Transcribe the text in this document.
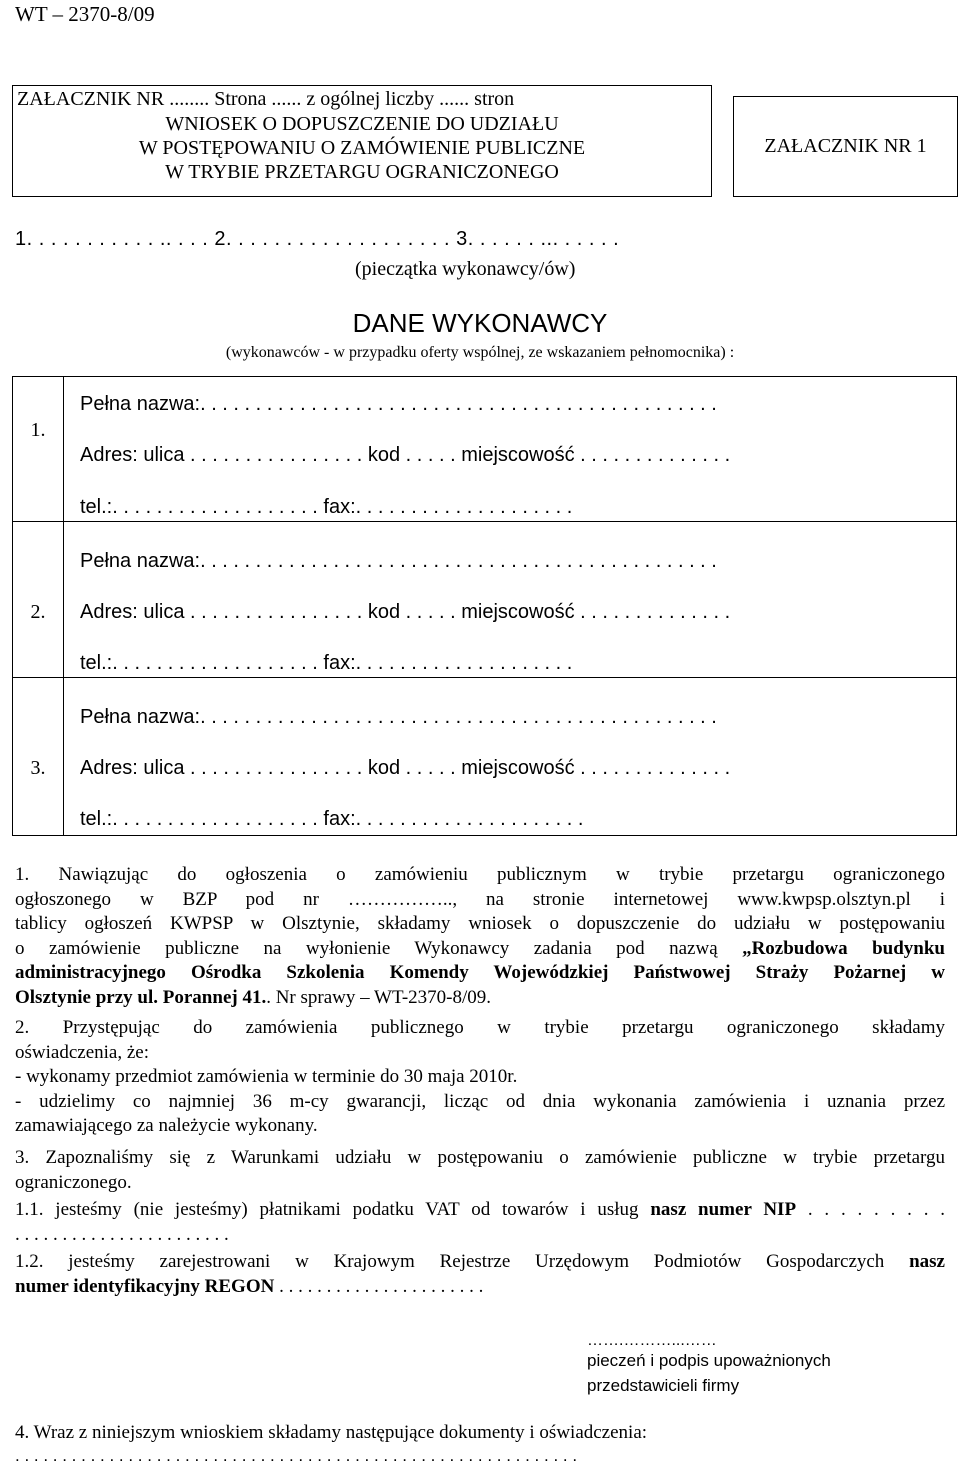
WT – 2370-8/09
ZAŁACZNIK NR ........ Strona ...... z ogólnej liczby ...... stron
WNIOSEK O DOPUSZCZENIE DO UDZIAŁU
W POSTĘPOWANIU O ZAMÓWIENIE PUBLICZNE
W TRYBIE PRZETARGU OGRANICZONEGO
ZAŁACZNIK NR 1
1. . . . . . . . . . . .. . . . 2. . . . . . . . . . . . . . . . . . . 3. . . . . . ... . . . . .
(pieczątka wykonawcy/ów)
DANE WYKONAWCY
(wykonawców - w przypadku oferty wspólnej, ze wskazaniem pełnomocnika) :
1.
Pełna nazwa:. . . . . . . . . . . . . . . . . . . . . . . . . . . . . . . . . . . . . . . . . . . . . . .
Adres: ulica . . . . . . . . . . . . . . . . kod . . . . . miejscowość . . . . . . . . . . . . . .
tel.:. . . . . . . . . . . . . . . . . . . fax:. . . . . . . . . . . . . . . . . . . .
2.
Pełna nazwa:. . . . . . . . . . . . . . . . . . . . . . . . . . . . . . . . . . . . . . . . . . . . . . .
Adres: ulica . . . . . . . . . . . . . . . . kod . . . . . miejscowość . . . . . . . . . . . . . .
tel.:. . . . . . . . . . . . . . . . . . . fax:. . . . . . . . . . . . . . . . . . . .
3.
Pełna nazwa:. . . . . . . . . . . . . . . . . . . . . . . . . . . . . . . . . . . . . . . . . . . . . . .
Adres: ulica . . . . . . . . . . . . . . . . kod . . . . . miejscowość . . . . . . . . . . . . . .
tel.:. . . . . . . . . . . . . . . . . . . fax:. . . . . . . . . . . . . . . . . . . . .
1. Nawiązując do ogłoszenia o zamówieniu publicznym w trybie przetargu ograniczonego
ogłoszonego w BZP pod nr …………….., na stronie internetowej www.kwpsp.olsztyn.pl i
tablicy ogłoszeń KWPSP w Olsztynie, składamy wniosek o dopuszczenie do udziału w postępowaniu
o zamówienie publiczne na wyłonienie Wykonawcy zadania pod nazwą „Rozbudowa budynku
administracyjnego Ośrodka Szkolenia Komendy Wojewódzkiej Państwowej Straży Pożarnej w
Olsztynie przy ul. Porannej 41.. Nr sprawy – WT-2370-8/09.
2. Przystępując do zamówienia publicznego w trybie przetargu ograniczonego składamy
oświadczenia, że:
- wykonamy przedmiot zamówienia w terminie do 30 maja 2010r.
- udzielimy co najmniej 36 m-cy gwarancji, licząc od dnia wykonania zamówienia i uznania przez
zamawiającego za należycie wykonany.
3. Zapoznaliśmy się z Warunkami udziału w postępowaniu o zamówienie publiczne w trybie przetargu
ograniczonego.
1.1. jesteśmy (nie jesteśmy) płatnikami podatku VAT od towarów i usług nasz numer NIP . . . . . . . . .
. . . . . . . . . . . . . . . . . . . . . . .
1.2. jesteśmy zarejestrowani w Krajowym Rejestrze Urzędowym Podmiotów Gospodarczych nasz
numer identyfikacyjny REGON . . . . . . . . . . . . . . . . . . . . . .
…….………...……
pieczeń i podpis upoważnionych
przedstawicieli firmy
4. Wraz z niniejszym wnioskiem składamy następujące dokumenty i oświadczenia:
. . . . . . . . . . . . . . . . . . . . . . . . . . . . . . . . . . . . . . . . . . . . . . . . . . . . . . . . . . . .
